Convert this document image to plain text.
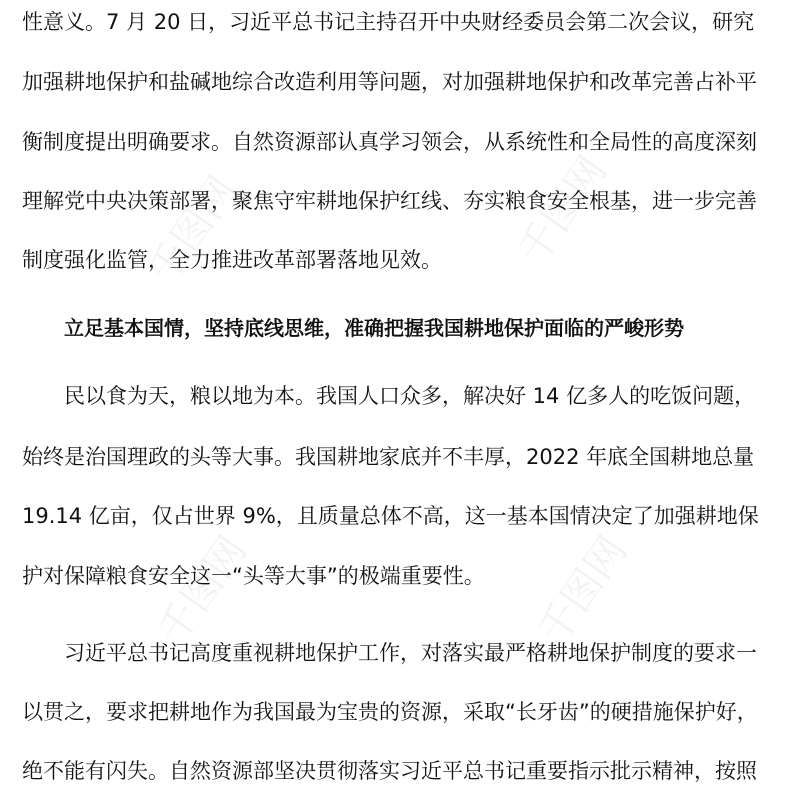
千图网	千图网
千图网	千图网
性意义。7 月 20 日，习近平总书记主持召开中央财经委员会第二次会议，研究
加强耕地保护和盐碱地综合改造利用等问题，对加强耕地保护和改革完善占补平
衡制度提出明确要求。自然资源部认真学习领会，从系统性和全局性的高度深刻
理解党中央决策部署，聚焦守牢耕地保护红线、夯实粮食安全根基，进一步完善
制度强化监管，全力推进改革部署落地见效。
立足基本国情，坚持底线思维，准确把握我国耕地保护面临的严峻形势
民以食为天，粮以地为本。我国人口众多，解决好 14 亿多人的吃饭问题，
始终是治国理政的头等大事。我国耕地家底并不丰厚，2022 年底全国耕地总量
19.14 亿亩，仅占世界 9%，且质量总体不高，这一基本国情决定了加强耕地保
护对保障粮食安全这一“头等大事”的极端重要性。
习近平总书记高度重视耕地保护工作，对落实最严格耕地保护制度的要求一
以贯之，要求把耕地作为我国最为宝贵的资源，采取“长牙齿”的硬措施保护好，
绝不能有闪失。自然资源部坚决贯彻落实习近平总书记重要指示批示精神，按照
